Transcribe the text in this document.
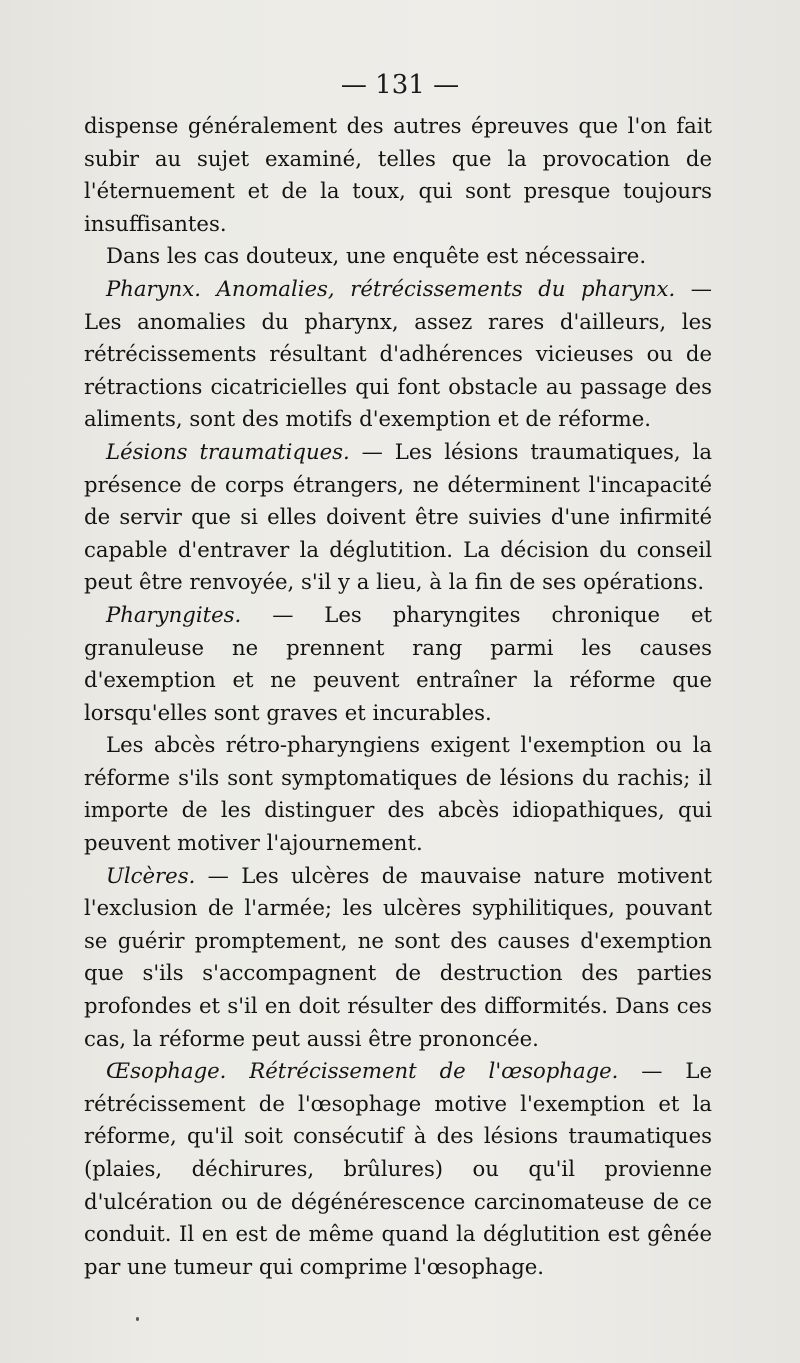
— 131 —

dispense généralement des autres épreuves que l'on fait subir au sujet examiné, telles que la provocation de l'éternuement et de la toux, qui sont presque toujours insuffisantes.

Dans les cas douteux, une enquête est nécessaire.

Pharynx. Anomalies, rétrécissements du pharynx. — Les anomalies du pharynx, assez rares d'ailleurs, les rétrécissements résultant d'adhérences vicieuses ou de rétractions cicatricielles qui font obstacle au passage des aliments, sont des motifs d'exemption et de réforme.

Lésions traumatiques. — Les lésions traumatiques, la présence de corps étrangers, ne déterminent l'incapacité de servir que si elles doivent être suivies d'une infirmité capable d'entraver la déglutition. La décision du conseil peut être renvoyée, s'il y a lieu, à la fin de ses opérations.

Pharyngites. — Les pharyngites chronique et granuleuse ne prennent rang parmi les causes d'exemption et ne peuvent entraîner la réforme que lorsqu'elles sont graves et incurables.

Les abcès rétro-pharyngiens exigent l'exemption ou la réforme s'ils sont symptomatiques de lésions du rachis; il importe de les distinguer des abcès idiopathiques, qui peuvent motiver l'ajournement.

Ulcères. — Les ulcères de mauvaise nature motivent l'exclusion de l'armée; les ulcères syphilitiques, pouvant se guérir promptement, ne sont des causes d'exemption que s'ils s'accompagnent de destruction des parties profondes et s'il en doit résulter des difformités. Dans ces cas, la réforme peut aussi être prononcée.

Œsophage. Rétrécissement de l'œsophage. — Le rétrécissement de l'œsophage motive l'exemption et la réforme, qu'il soit consécutif à des lésions traumatiques (plaies, déchirures, brûlures) ou qu'il provienne d'ulcération ou de dégénérescence carcinomateuse de ce conduit. Il en est de même quand la déglutition est gênée par une tumeur qui comprime l'œsophage.
